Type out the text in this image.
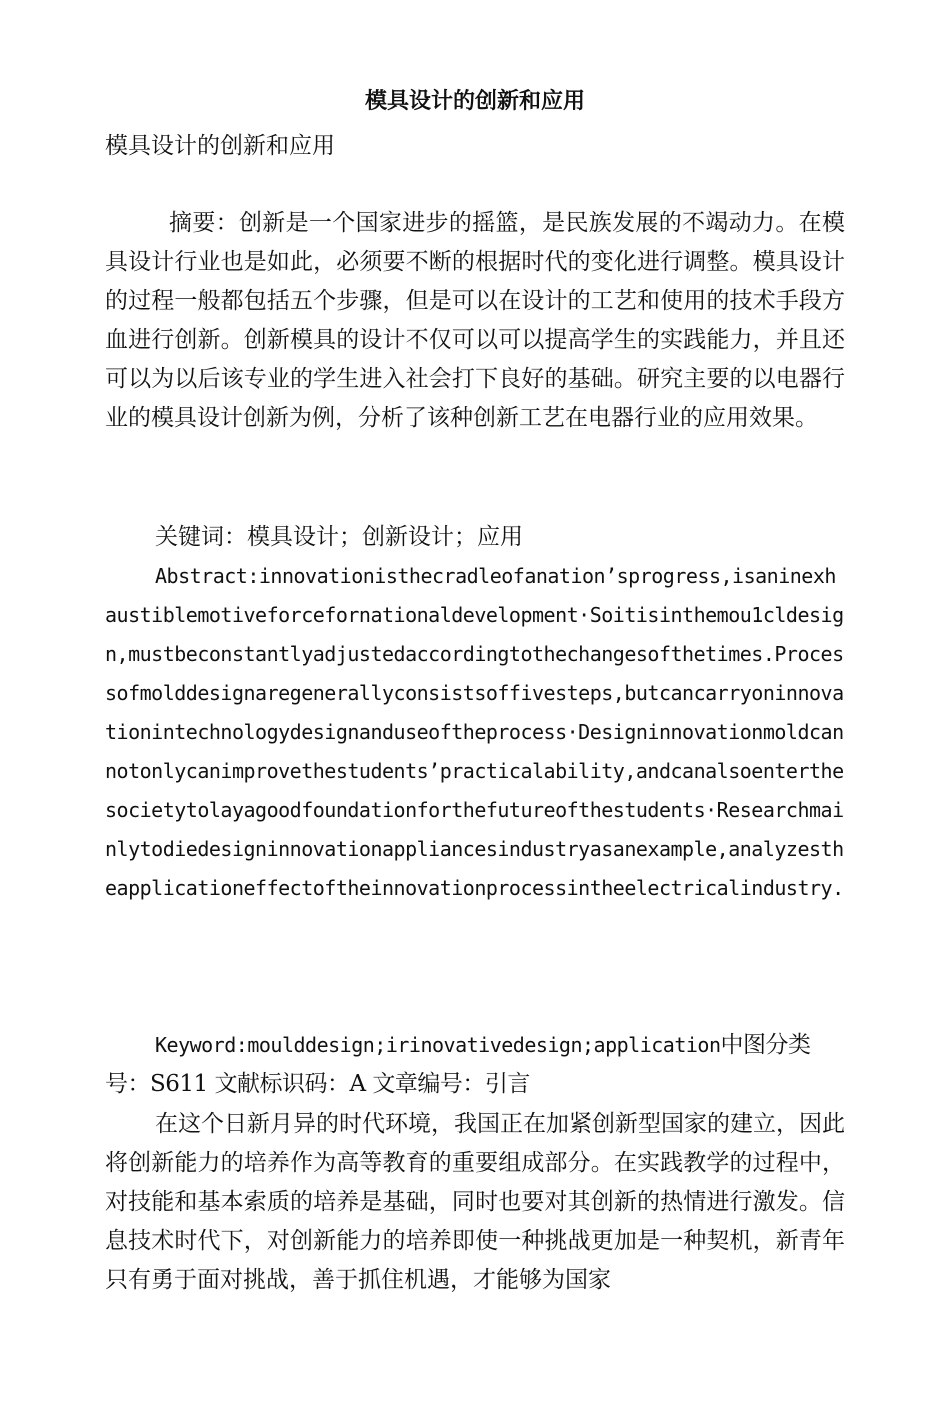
模具设计的创新和应用
模具设计的创新和应用

摘要：创新是一个国家进步的摇篮，是民族发展的不竭动力。在模具设计行业也是如此，必须要不断的根据时代的变化进行调整。模具设计的过程一般都包括五个步骤，但是可以在设计的工艺和使用的技术手段方血进行创新。创新模具的设计不仅可以可以提高学生的实践能力，并且还可以为以后该专业的学生进入社会打下良好的基础。研究主要的以电器行业的模具设计创新为例，分析了该种创新工艺在电器行业的应用效果。

关键词：模具设计；创新设计；应用

Abstract:innovationisthecradleofanation’sprogress,isaninexhaustiblemotiveforcefornationaldevelopment·Soitisinthemou1cldesign,mustbeconstantlyadjustedaccordingtothechangesofthetimes.Processofmolddesignaregenerallyconsistsoffivesteps,butcancarryoninnovationintechnologydesignanduseoftheprocess·Designinnovationmoldcannotonlycanimprovethestudents’practicalability,andcanalsoenterthesocietytolayagoodfoundationforthefutureofthestudents·Researchmainlytodiedesigninnovationappliancesindustryasanexample,analyzestheapplicationeffectoftheinnovationprocessintheelectricalindustry.

Keyword:moulddesign;irinovativedesign;application中图分类号：S611 文献标识码：A 文章编号：引言

在这个日新月异的时代环境，我国正在加紧创新型国家的建立，因此将创新能力的培养作为高等教育的重要组成部分。在实践教学的过程中，对技能和基本索质的培养是基础，同时也要对其创新的热情进行激发。信息技术时代下，对创新能力的培养即使一种挑战更加是一种契机，新青年只有勇于面对挑战，善于抓住机遇，才能够为国家
